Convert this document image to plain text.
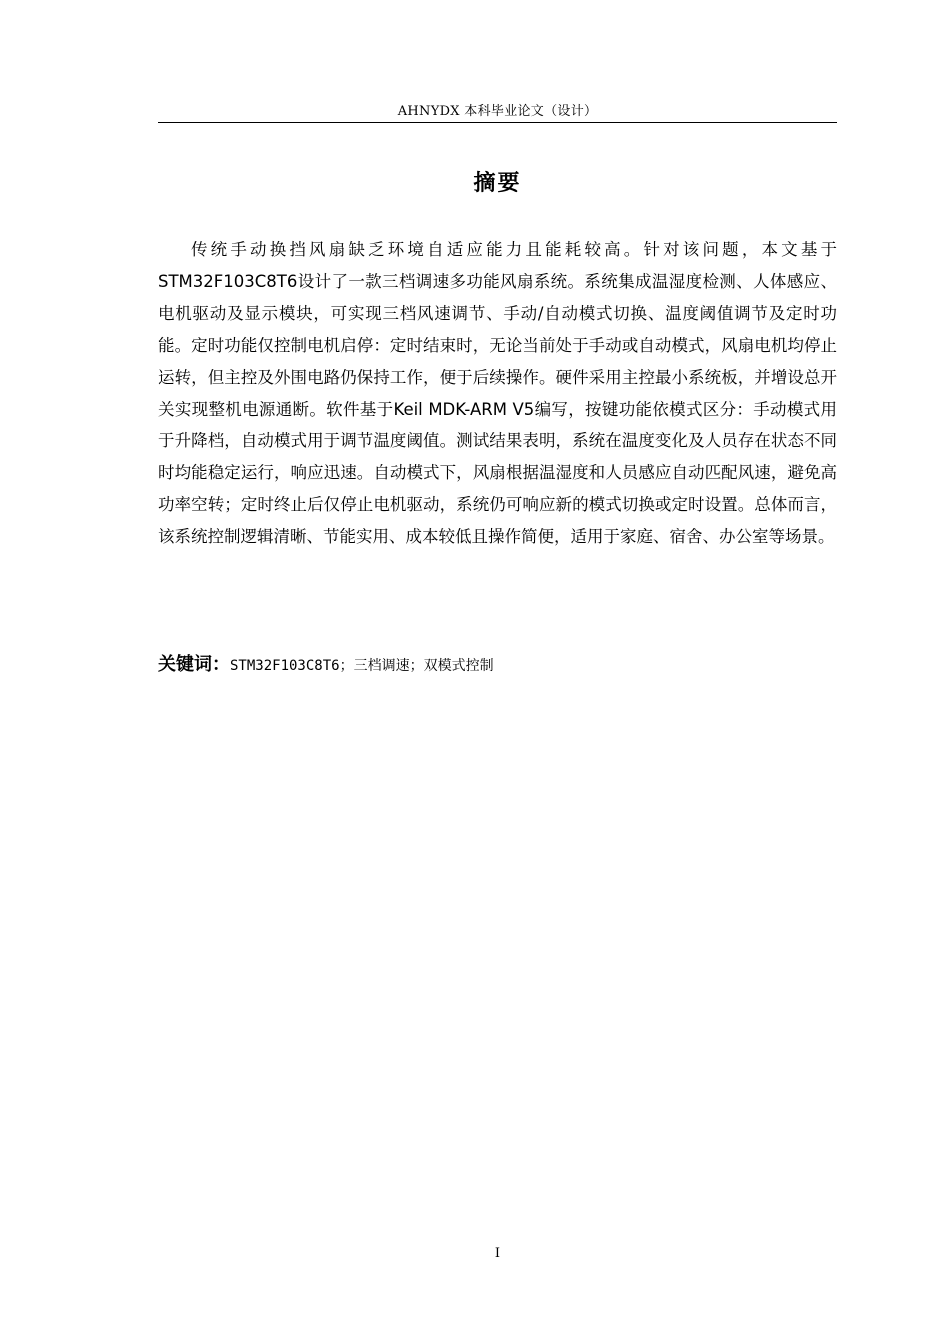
AHNYDX 本科毕业论文（设计）
摘要

传统手动换挡风扇缺乏环境自适应能力且能耗较高。针对该问题，本文基于STM32F103C8T6设计了一款三档调速多功能风扇系统。系统集成温湿度检测、人体感应、电机驱动及显示模块，可实现三档风速调节、手动/自动模式切换、温度阈值调节及定时功能。定时功能仅控制电机启停：定时结束时，无论当前处于手动或自动模式，风扇电机均停止运转，但主控及外围电路仍保持工作，便于后续操作。硬件采用主控最小系统板，并增设总开关实现整机电源通断。软件基于Keil MDK-ARM V5编写，按键功能依模式区分：手动模式用于升降档，自动模式用于调节温度阈值。测试结果表明，系统在温度变化及人员存在状态不同时均能稳定运行，响应迅速。自动模式下，风扇根据温湿度和人员感应自动匹配风速，避免高功率空转；定时终止后仅停止电机驱动，系统仍可响应新的模式切换或定时设置。总体而言，该系统控制逻辑清晰、节能实用、成本较低且操作简便，适用于家庭、宿舍、办公室等场景。

关键词：STM32F103C8T6；三档调速；双模式控制
I
